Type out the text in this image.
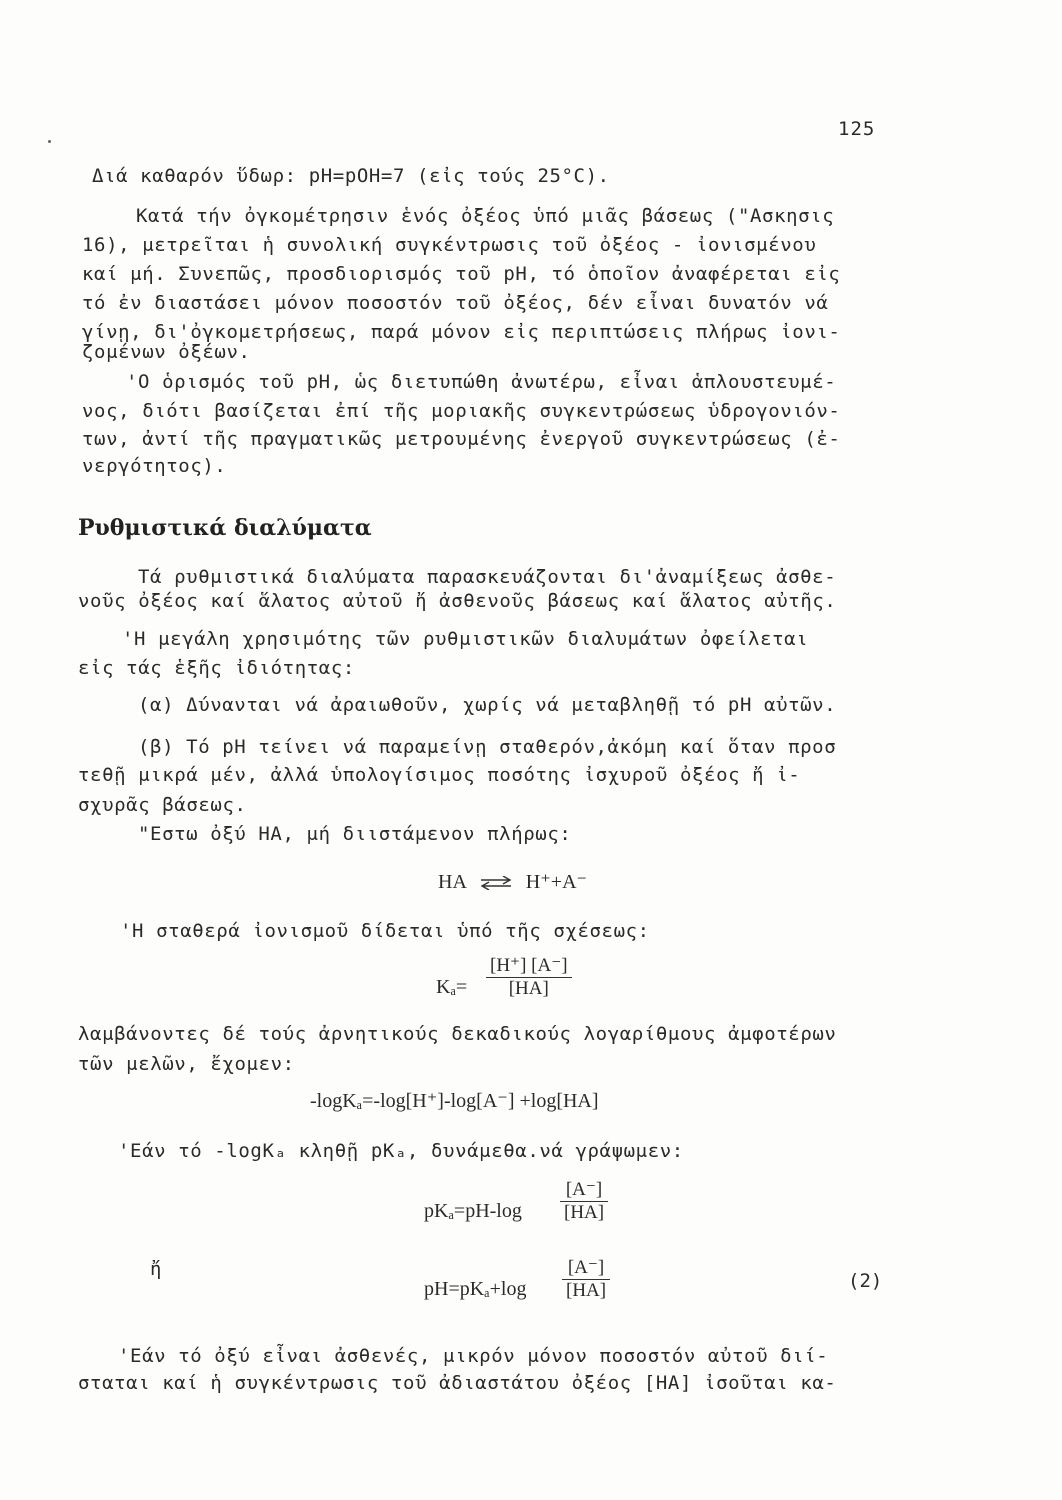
125
Διά καθαρόν ὕδωρ: pH=pOH=7 (εἰς τούς 25°C).
Κατά τήν ὀγκομέτρησιν ἑνός ὀξέος ὑπό μιᾶς βάσεως ("Ασκησις
16), μετρεῖται ἡ συνολική συγκέντρωσις τοῦ ὀξέος - ἰονισμένου
καί μή. Συνεπῶς, προσδιορισμός τοῦ pH, τό ὁποῖον ἀναφέρεται εἰς
τό ἐν διαστάσει μόνον ποσοστόν τοῦ ὀξέος, δέν εἶναι δυνατόν νά
γίνῃ, δι'ὀγκομετρήσεως, παρά μόνον εἰς περιπτώσεις πλήρως ἰονι-
ζομένων ὀξέων.
'Ο ὁρισμός τοῦ pH, ὡς διετυπώθη ἀνωτέρω, εἶναι ἁπλουστευμέ-
νος, διότι βασίζεται ἐπί τῆς μοριακῆς συγκεντρώσεως ὑδρογονιόν-
των, ἀντί τῆς πραγματικῶς μετρουμένης ἐνεργοῦ συγκεντρώσεως (ἐ-
νεργότητος).
Ρυθμιστικά διαλύματα
Τά ρυθμιστικά διαλύματα παρασκευάζονται δι'ἀναμίξεως ἀσθε-
νοῦς ὀξέος καί ἅλατος αὐτοῦ ἤ ἀσθενοῦς βάσεως καί ἅλατος αὐτῆς.
'Η μεγάλη χρησιμότης τῶν ρυθμιστικῶν διαλυμάτων ὀφείλεται
εἰς τάς ἑξῆς ἰδιότητας:
(α) Δύνανται νά ἀραιωθοῦν, χωρίς νά μεταβληθῇ τό pH αὐτῶν.
(β) Τό pH τείνει νά παραμείνῃ σταθερόν,ἀκόμη καί ὅταν προσ
τεθῇ μικρά μέν, ἀλλά ὑπολογίσιμος ποσότης ἰσχυροῦ ὀξέος ἤ ἰ-
σχυρᾶς βάσεως.
"Εστω ὀξύ HA, μή διιστάμενον πλήρως:
HA ⇌ H⁺+A⁻
'Η σταθερά ἰονισμοῦ δίδεται ὑπό τῆς σχέσεως:
Kₐ=
[H⁺] [A⁻]
[HA]
λαμβάνοντες δέ τούς ἀρνητικούς δεκαδικούς λογαρίθμους ἀμφοτέρων
τῶν μελῶν, ἔχομεν:
-logKₐ=-log[H⁺]-log[A⁻] +log[HA]
'Εάν τό -logKₐ κληθῇ pKₐ, δυνάμεθα.νά γράψωμεν:
pKₐ=pH-log
[A⁻]
[HA]
ἤ
pH=pKₐ+log
[A⁻]
[HA]	(2)
'Εάν τό ὀξύ εἶναι ἀσθενές, μικρόν μόνον ποσοστόν αὐτοῦ διί-
σταται καί ἡ συγκέντρωσις τοῦ ἀδιαστάτου ὀξέος [HA] ἰσοῦται κα-
